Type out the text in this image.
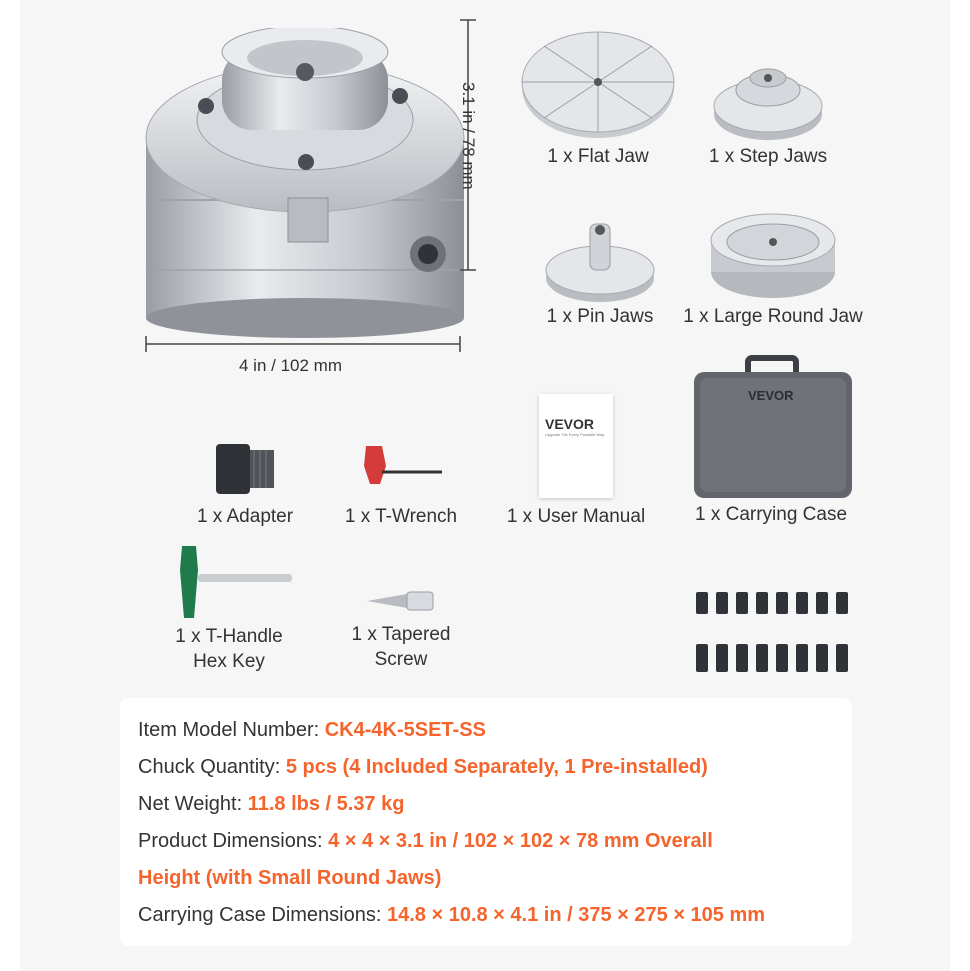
3.1 in / 78 mm
4 in / 102 mm
1 x Flat Jaw	1 x Step Jaws
1 x Pin Jaws 1 x Large Round Jaw
1 x Adapter	1 x T-Wrench
VEVOR
Upgrade Tile Every Possible Way
1 x User Manual
VEVOR
1 x Carrying Case
1 x T-Handle
Hex Key
1 x Tapered
Screw
Item Model Number: CK4-4K-5SET-SS
Chuck Quantity: 5 pcs (4 Included Separately, 1 Pre-installed)
Net Weight: 11.8 lbs / 5.37 kg
Product Dimensions: 4 × 4 × 3.1 in / 102 × 102 × 78 mm Overall
Height (with Small Round Jaws)
Carrying Case Dimensions: 14.8 × 10.8 × 4.1 in / 375 × 275 × 105 mm
